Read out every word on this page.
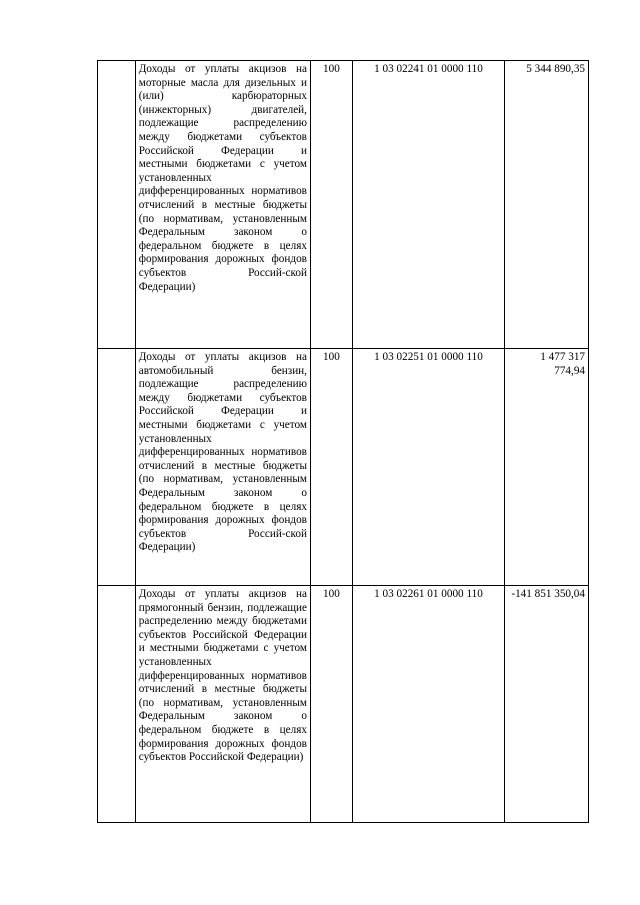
	Доходы от уплаты акцизов на моторные масла для дизельных и (или) карбюраторных (инжекторных) двигателей, подлежащие распределению между бюджетами субъектов Российской Федерации и местными бюджетами с учетом установленных дифференцированных нормативов отчислений в местные бюджеты (по нормативам, установленным Федеральным законом о федеральном бюджете в целях формирования дорожных фондов субъектов Россий-ской Федерации)	100	1 03 02241 01 0000 110	5 344 890,35
	Доходы от уплаты акцизов на автомобильный бензин, подлежащие распределению между бюджетами субъектов Российской Федерации и местными бюджетами с учетом установленных дифференцированных нормативов отчислений в местные бюджеты (по нормативам, установленным Федеральным законом о федеральном бюджете в целях формирования дорожных фондов субъектов Россий-ской Федерации)	100	1 03 02251 01 0000 110	1 477 317 774,94
	Доходы от уплаты акцизов на прямогонный бензин, подлежащие распределению между бюджетами субъектов Российской Федерации и местными бюджетами с учетом установленных дифференцированных нормативов отчислений в местные бюджеты (по нормативам, установленным Федеральным законом о федеральном бюджете в целях формирования дорожных фондов субъектов Российской Федерации)	100	1 03 02261 01 0000 110	-141 851 350,04
